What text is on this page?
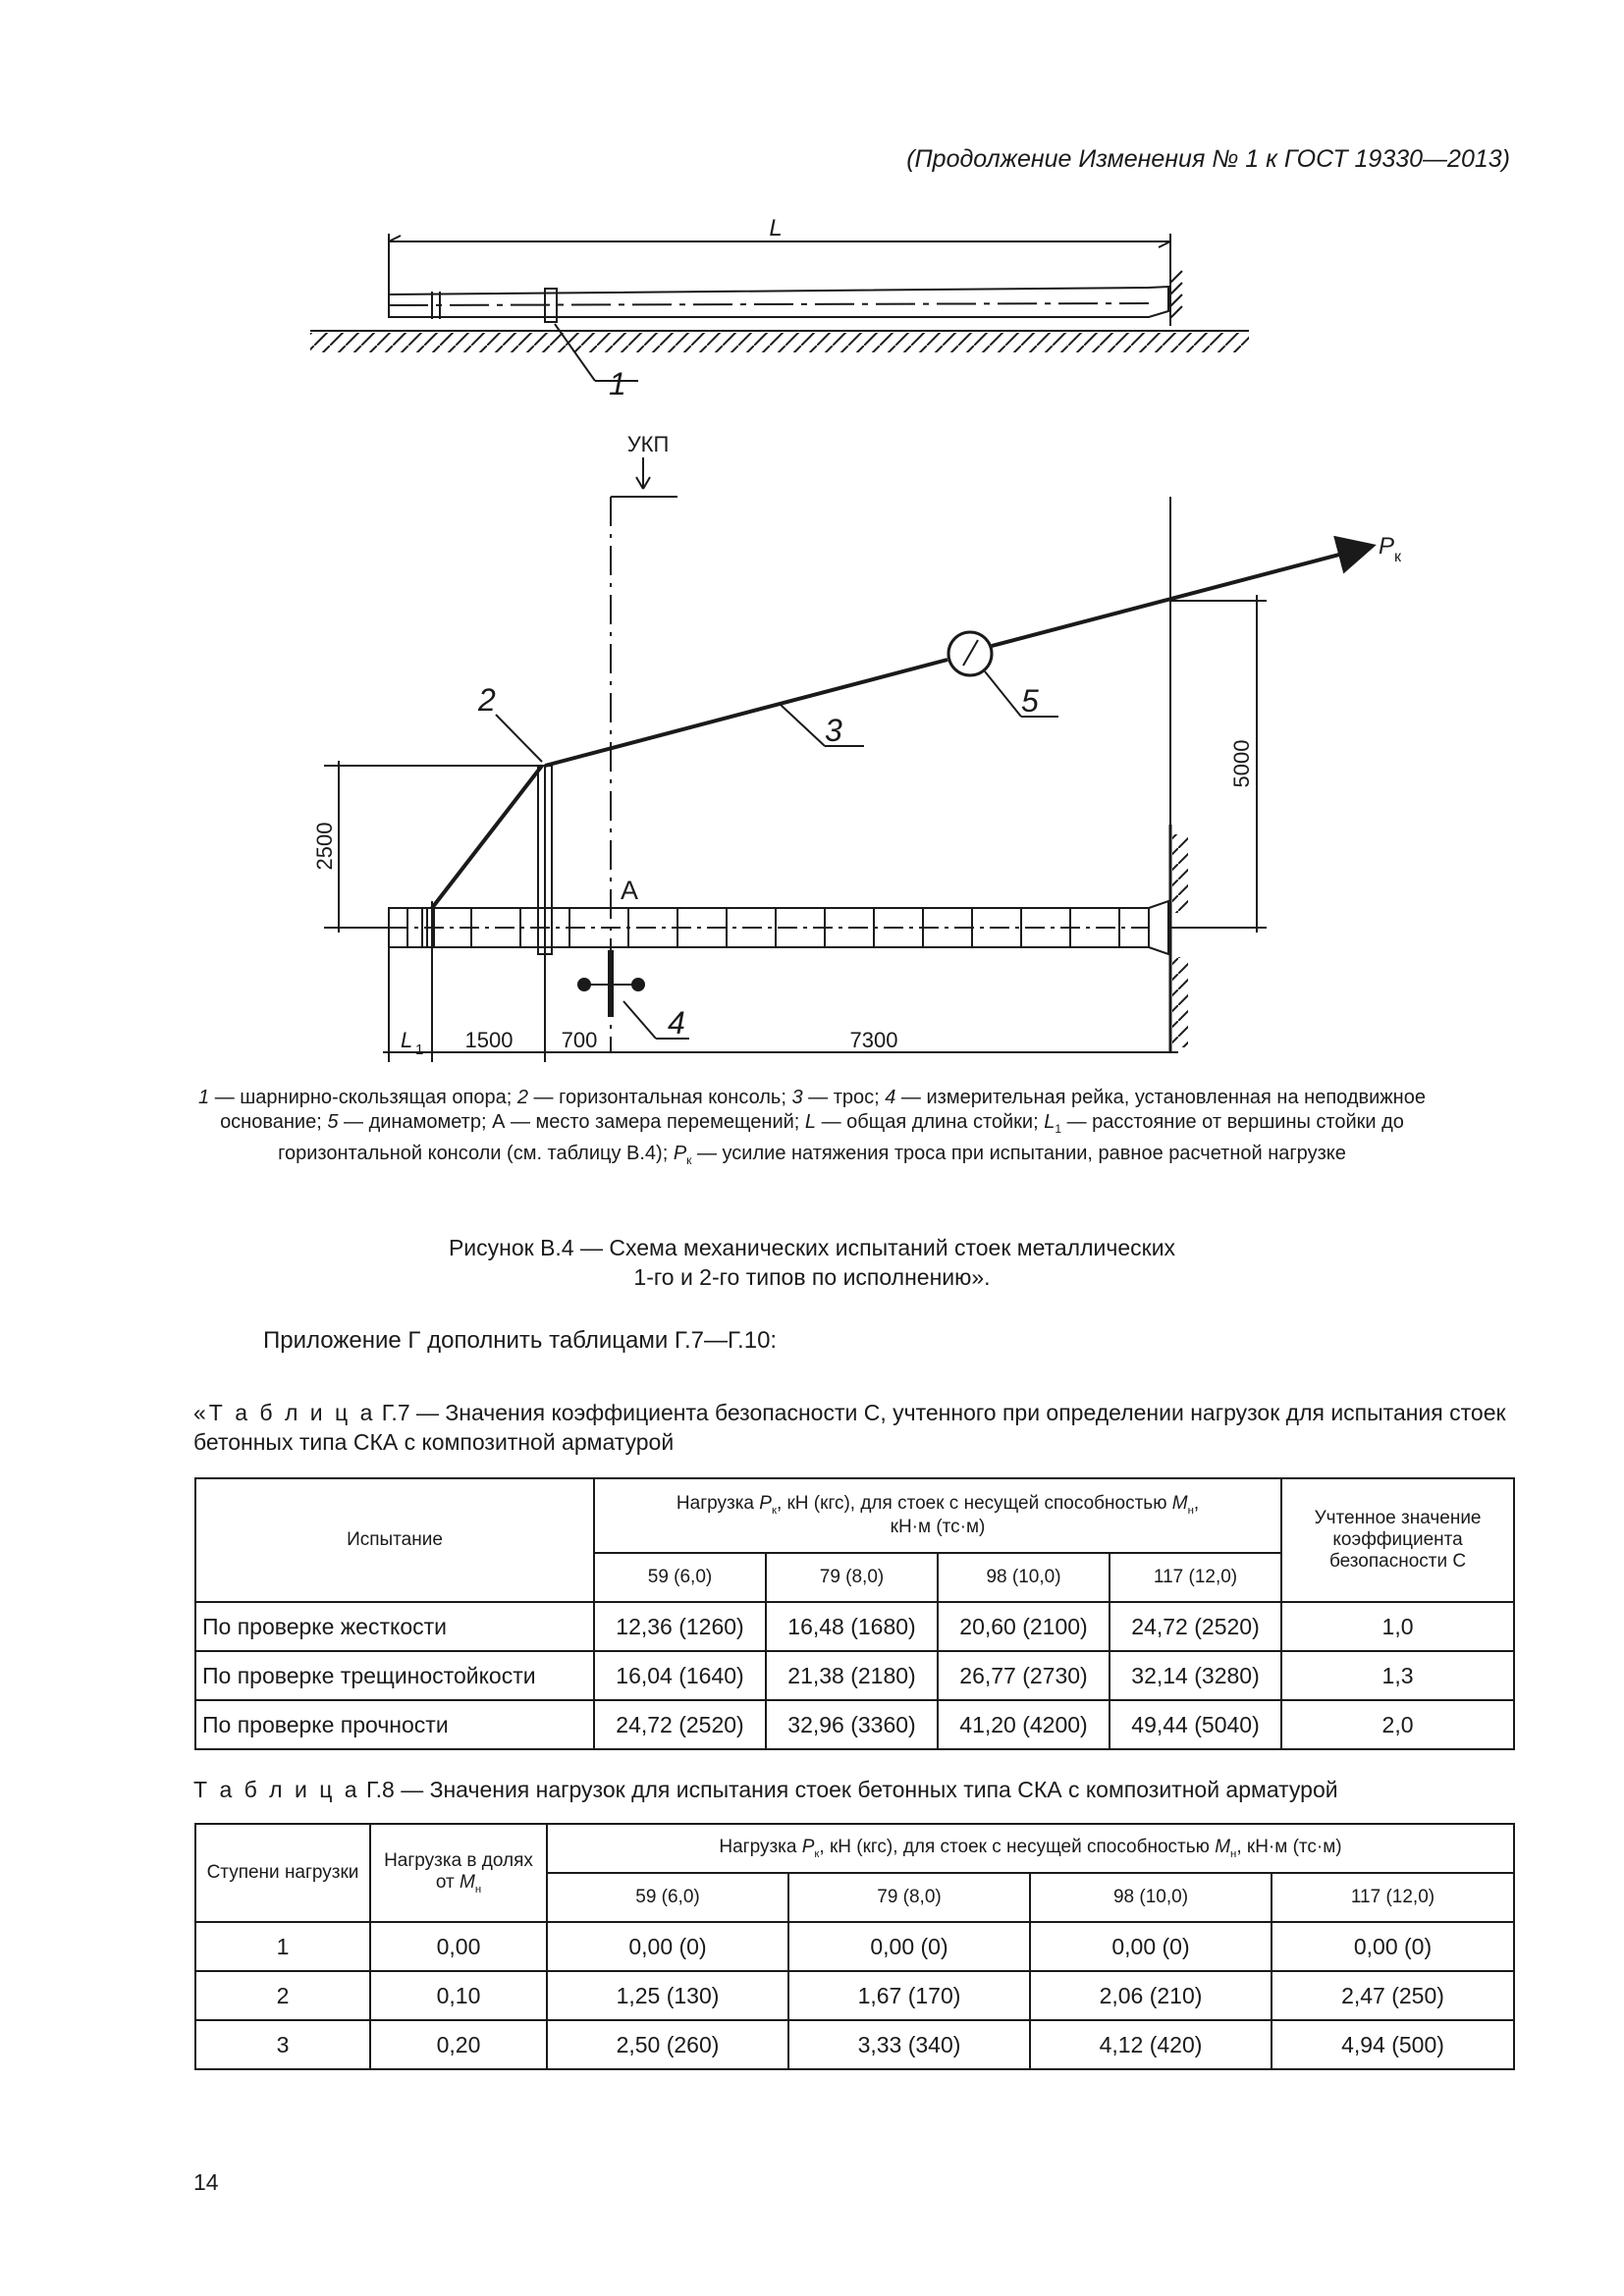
(Продолжение Изменения № 1 к ГОСТ 19330—2013)
L
1
УКП
P к
А
2
3
5
4
2500
5000
L 1 1500 700	7300
1 — шарнирно-скользящая опора; 2 — горизонтальная консоль; 3 — трос; 4 — измерительная рейка, установленная на неподвижное основание; 5 — динамометр; А — место замера перемещений; L — общая длина стойки; $L_1$ — расстояние от вершины стойки до горизонтальной консоли (см. таблицу В.4); $P_к$ — усилие натяжения троса при испытании, равное расчетной нагрузке
Рисунок В.4 — Схема механических испытаний стоек металлических
1-го и 2-го типов по исполнению».
Приложение Г дополнить таблицами Г.7—Г.10:
«Т а б л и ц а Г.7 — Значения коэффициента безопасности С, учтенного при определении нагрузок для испытания стоек бетонных типа СКА с композитной арматурой
Испытание	Нагрузка $P_к$, кН (кгс), для стоек с несущей способностью $M_н$,
кН·м (тс·м)				Учтенное значение коэффициента безопасности С
	59 (6,0)	79 (8,0)	98 (10,0)	117 (12,0)	
По проверке жесткости	12,36 (1260)	16,48 (1680)	20,60 (2100)	24,72 (2520)	1,0
По проверке трещиностойкости	16,04 (1640)	21,38 (2180)	26,77 (2730)	32,14 (3280)	1,3
По проверке прочности	24,72 (2520)	32,96 (3360)	41,20 (4200)	49,44 (5040)	2,0
Т а б л и ц а Г.8 — Значения нагрузок для испытания стоек бетонных типа СКА с композитной арматурой
Ступени нагрузки	Нагрузка в долях от $M_н$	Нагрузка $P_к$, кН (кгс), для стоек с несущей способностью $M_н$, кН·м (тс·м)			
		59 (6,0)	79 (8,0)	98 (10,0)	117 (12,0)
1	0,00	0,00 (0)	0,00 (0)	0,00 (0)	0,00 (0)
2	0,10	1,25 (130)	1,67 (170)	2,06 (210)	2,47 (250)
3	0,20	2,50 (260)	3,33 (340)	4,12 (420)	4,94 (500)
14
